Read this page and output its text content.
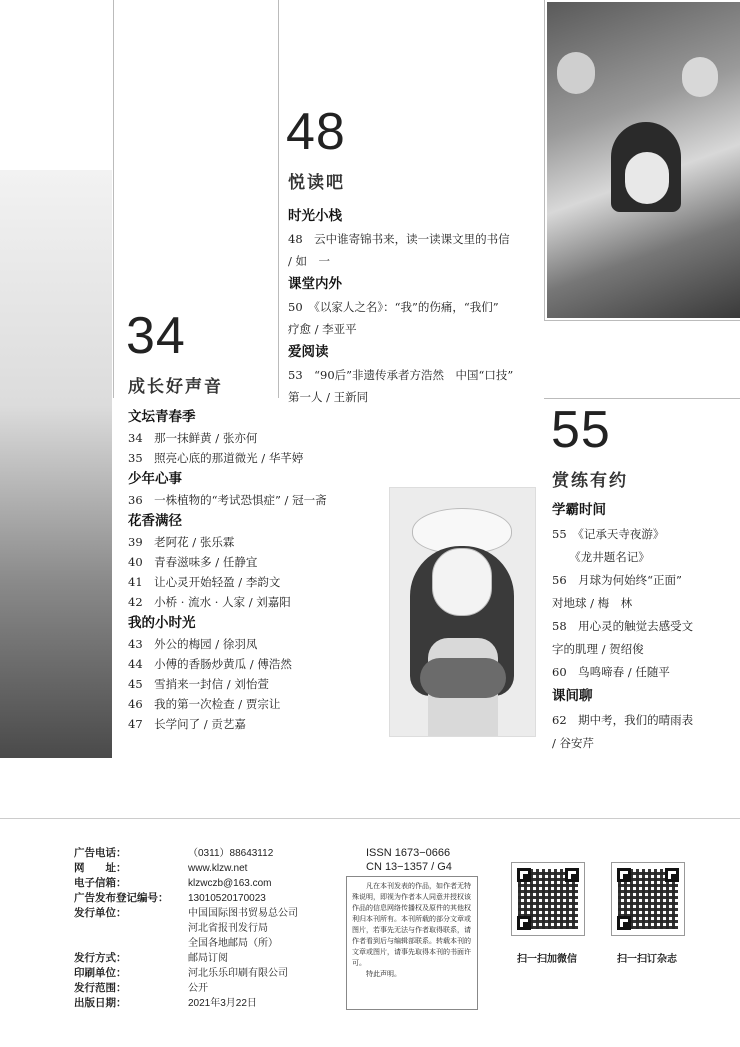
48
悦读吧
时光小栈
48　云中谁寄锦书来，读一读课文里的书信
/ 如　一
课堂内外
50　《以家人之名》：“我”的伤痛，“我们”
疗愈 / 李亚平
爱阅读
53　“90后”非遗传承者方浩然　中国“口技”
第一人 / 王新同
34
成长好声音
文坛青春季
34　那一抹鲜黄 / 张亦何
35　照亮心底的那道微光 / 华芊婷
少年心事
36　一株植物的“考试恐惧症” / 冠一斋
花香满径
39　老阿花 / 张乐霖
40　青春滋味多 / 任静宜
41　让心灵开始轻盈 / 李韵文
42　小桥 · 流水 · 人家 / 刘嘉阳
我的小时光
43　外公的梅园 / 徐羽凤
44　小傅的香肠炒黄瓜 / 傅浩然
45　雪捎来一封信 / 刘怡萱
46　我的第一次检查 / 贾宗让
47　长学问了 / 贡艺嘉
55
赏练有约
学霸时间
55　《记承天寺夜游》
　　《龙井题名记》
56　月球为何始终“正面”
对地球 / 梅　林
58　用心灵的触觉去感受文
字的肌理 / 贺绍俊
60　鸟鸣啼春 / 任随平
课间聊
62　期中考，我们的晴雨表
/ 谷安芹
广告电话：	（0311）88643112
网　　址：	www.klzw.net
电子信箱：	klzwczb@163.com
广告发布登记编号：	13010520170023
发行单位：	中国国际图书贸易总公司
河北省报刊发行局
全国各地邮局（所）
发行方式：	邮局订阅
印刷单位：	河北乐乐印刷有限公司
发行范围：	公开
出版日期：	2021年3月22日
ISSN 1673−0666
CN 13−1357 / G4
凡在本刊发表的作品，如作者无特殊说明，即视为作者本人同意并授权该作品的信息网络传播权及原件的其他权利归本刊所有。本刊所载的部分文章或图片，若事先无法与作者取得联系，请作者看到后与编辑部联系。转载本刊的文章或图片，请事先取得本刊的书面许可。
特此声明。
扫一扫加微信	扫一扫订杂志
